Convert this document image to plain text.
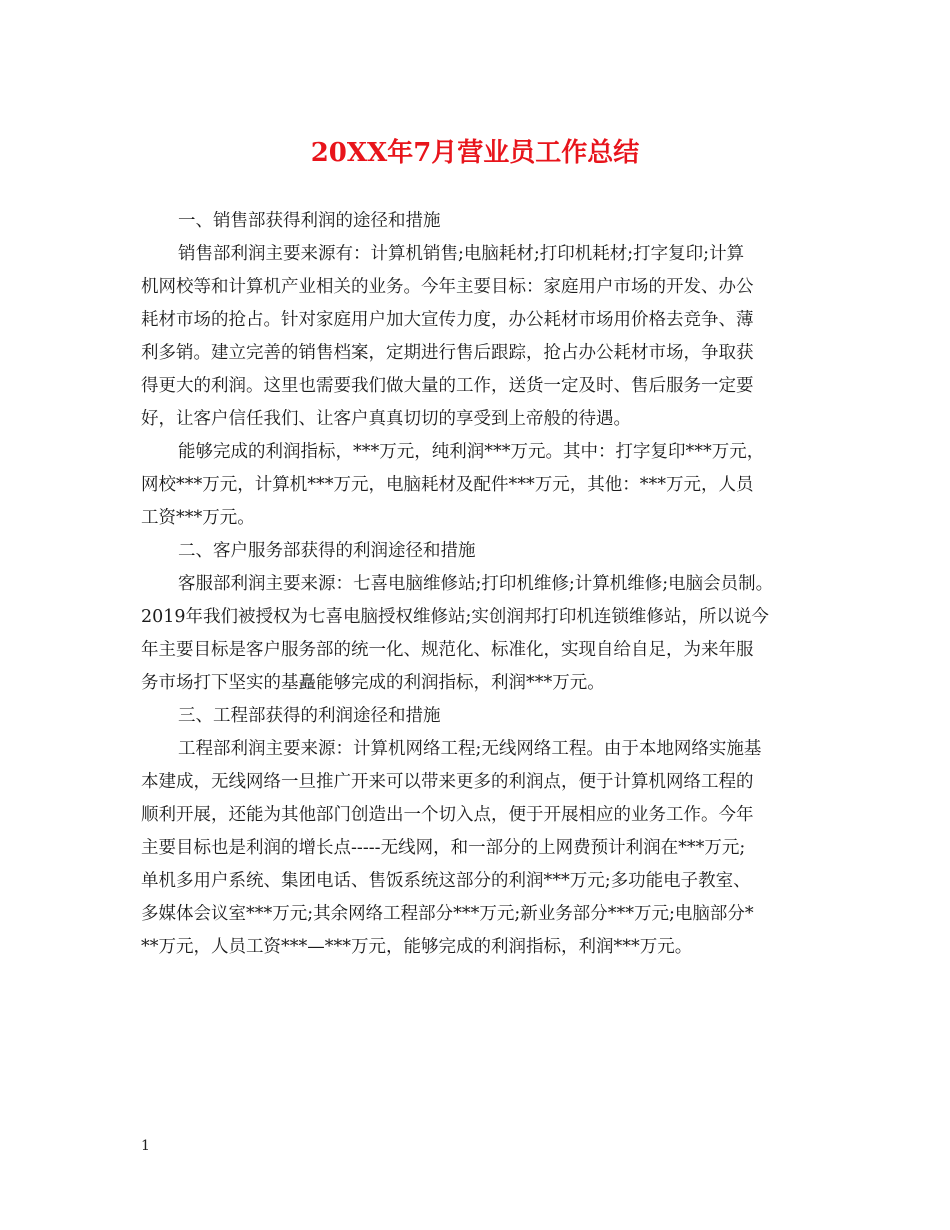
20XX年7月营业员工作总结
一、销售部获得利润的途径和措施
销售部利润主要来源有：计算机销售;电脑耗材;打印机耗材;打字复印;计算
机网校等和计算机产业相关的业务。今年主要目标：家庭用户市场的开发、办公
耗材市场的抢占。针对家庭用户加大宣传力度，办公耗材市场用价格去竞争、薄
利多销。建立完善的销售档案，定期进行售后跟踪，抢占办公耗材市场，争取获
得更大的利润。这里也需要我们做大量的工作，送货一定及时、售后服务一定要
好，让客户信任我们、让客户真真切切的享受到上帝般的待遇。
能够完成的利润指标，***万元，纯利润***万元。其中：打字复印***万元，
网校***万元，计算机***万元，电脑耗材及配件***万元，其他：***万元，人员
工资***万元。
二、客户服务部获得的利润途径和措施
客服部利润主要来源：七喜电脑维修站;打印机维修;计算机维修;电脑会员制。
2019年我们被授权为七喜电脑授权维修站;实创润邦打印机连锁维修站，所以说今
年主要目标是客户服务部的统一化、规范化、标准化，实现自给自足，为来年服
务市场打下坚实的基矗能够完成的利润指标，利润***万元。
三、工程部获得的利润途径和措施
工程部利润主要来源：计算机网络工程;无线网络工程。由于本地网络实施基
本建成，无线网络一旦推广开来可以带来更多的利润点，便于计算机网络工程的
顺利开展，还能为其他部门创造出一个切入点，便于开展相应的业务工作。今年
主要目标也是利润的增长点-----无线网，和一部分的上网费预计利润在***万元;
单机多用户系统、集团电话、售饭系统这部分的利润***万元;多功能电子教室、
多媒体会议室***万元;其余网络工程部分***万元;新业务部分***万元;电脑部分*
**万元，人员工资***—***万元，能够完成的利润指标，利润***万元。
1
